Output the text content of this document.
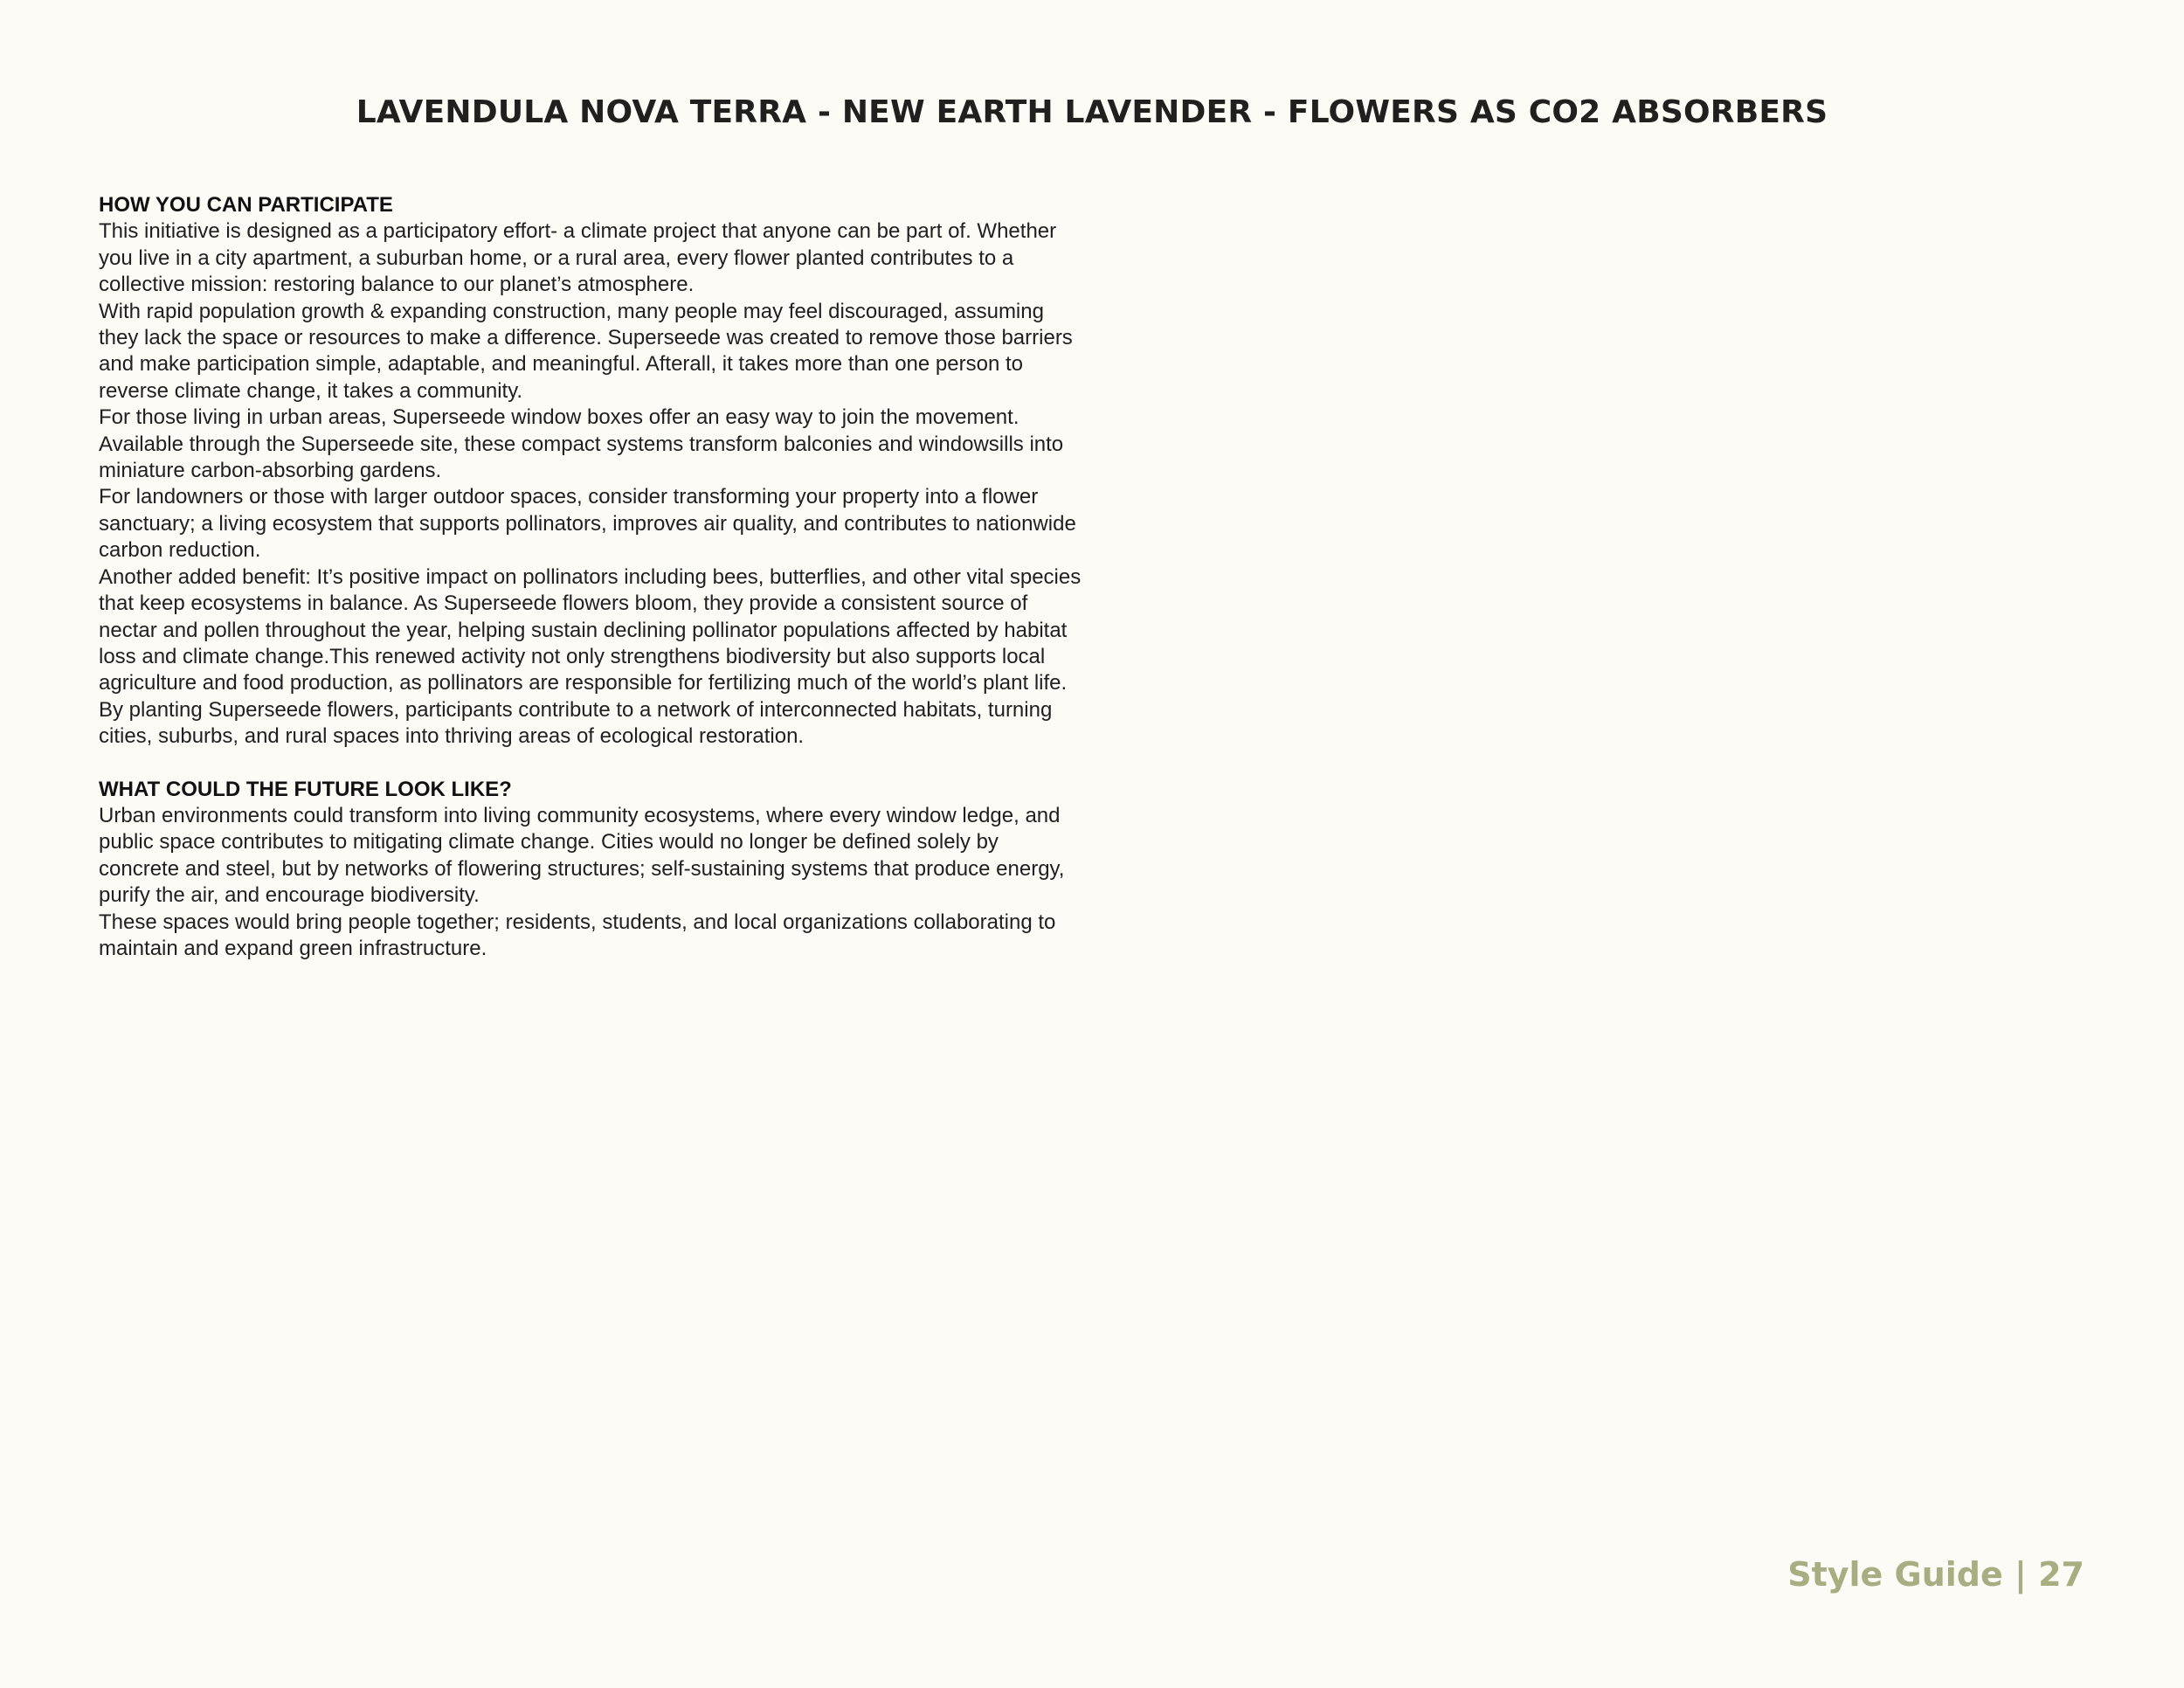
LAVENDULA NOVA TERRA - NEW EARTH LAVENDER - FLOWERS AS CO2 ABSORBERS

HOW YOU CAN PARTICIPATE

This initiative is designed as a participatory effort- a climate project that anyone can be part of. Whether you live in a city apartment, a suburban home, or a rural area, every flower planted contributes to a collective mission: restoring balance to our planet’s atmosphere.

With rapid population growth & expanding construction, many people may feel discouraged, assuming they lack the space or resources to make a difference. Superseede was created to remove those barriers and make participation simple, adaptable, and meaningful. Afterall, it takes more than one person to reverse climate change, it takes a community.

For those living in urban areas, Superseede window boxes offer an easy way to join the movement. Available through the Superseede site, these compact systems transform balconies and windowsills into miniature carbon-absorbing gardens.

For landowners or those with larger outdoor spaces, consider transforming your property into a flower sanctuary; a living ecosystem that supports pollinators, improves air quality, and contributes to nationwide carbon reduction.

Another added benefit: It’s positive impact on pollinators including bees, butterflies, and other vital species that keep ecosystems in balance. As Superseede flowers bloom, they provide a consistent source of nectar and pollen throughout the year, helping sustain declining pollinator populations affected by habitat loss and climate change.This renewed activity not only strengthens biodiversity but also supports local agriculture and food production, as pollinators are responsible for fertilizing much of the world’s plant life. By planting Superseede flowers, participants contribute to a network of interconnected habitats, turning cities, suburbs, and rural spaces into thriving areas of ecological restoration.

WHAT COULD THE FUTURE LOOK LIKE?

Urban environments could transform into living community ecosystems, where every window ledge, and public space contributes to mitigating climate change. Cities would no longer be defined solely by concrete and steel, but by networks of flowering structures; self-sustaining systems that produce energy, purify the air, and encourage biodiversity.

These spaces would bring people together; residents, students, and local organizations collaborating to maintain and expand green infrastructure.

Style Guide | 27
